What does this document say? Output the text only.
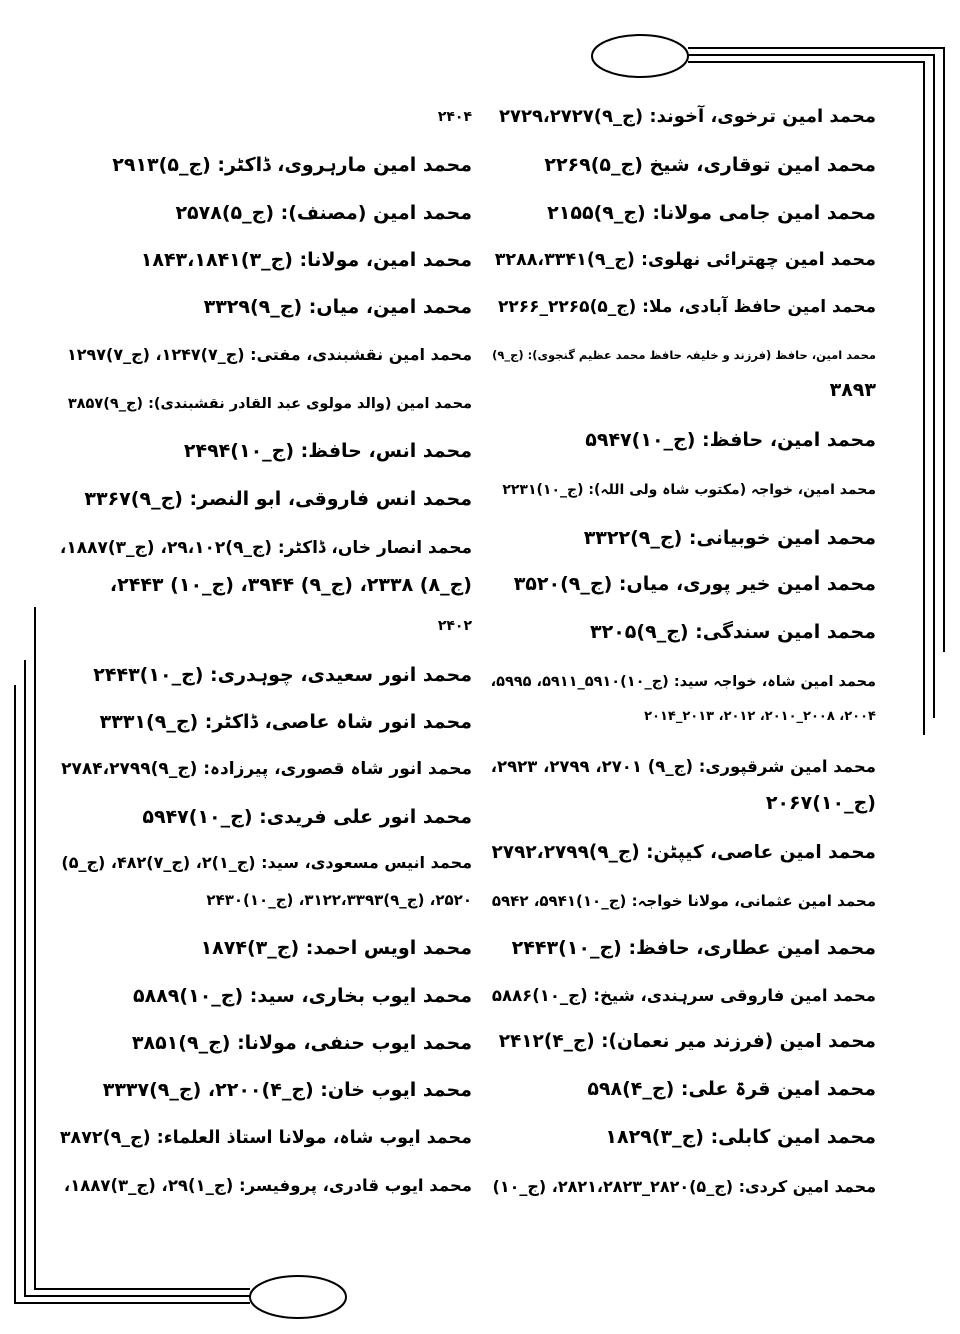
محمد امین ترخوی، آخوند: (ج_۹)۲۷۲۹،۲۷۲۷
محمد امین توقاری، شیخ (ج_۵)۲۲۶۹
محمد امین جامی مولانا: (ج_۹)۲۱۵۵
محمد امین چھترائی نھلوی: (ج_۹)۳۲۸۸،۳۳۴۱
محمد امین حافظ آبادی، ملا: (ج_۵)۲۲۶۵_۲۲۶۶
محمد امین، حافظ (فرزند و خلیفہ حافظ محمد عظیم گنجوی): (ج_۹)
۳۸۹۳
محمد امین، حافظ: (ج_۱۰)۵۹۴۷
محمد امین، خواجہ (مکتوب شاہ ولی اللہ): (ج_۱۰)۲۲۳۱
محمد امین خوبیانی: (ج_۹)۳۳۲۲
محمد امین خیر پوری، میاں: (ج_۹)۳۵۲۰
محمد امین سندگی: (ج_۹)۳۲۰۵
محمد امین شاہ، خواجہ سید: (ج_۱۰)۵۹۱۰_۵۹۱۱، ۵۹۹۵،
۲۰۰۴، ۲۰۰۸_۲۰۱۰، ۲۰۱۲، ۲۰۱۳_۲۰۱۴
محمد امین شرقپوری: (ج_۹) ۲۷۰۱، ۲۷۹۹، ۲۹۲۳،
(ج_۱۰)۲۰۶۷
محمد امین عاصی، کیپٹن: (ج_۹)۲۷۹۲،۲۷۹۹
محمد امین عثمانی، مولانا خواجہ: (ج_۱۰)۵۹۴۱، ۵۹۴۲
محمد امین عطاری، حافظ: (ج_۱۰)۲۴۴۳
محمد امین فاروقی سرہندی، شیخ: (ج_۱۰)۵۸۸۶
محمد امین (فرزند میر نعمان): (ج_۴)۲۴۱۲
محمد امین قرۃ علی: (ج_۴)۵۹۸
محمد امین کابلی: (ج_۳)۱۸۲۹
محمد امین کردی: (ج_۵)۲۸۲۰_۲۸۲۱،۲۸۲۳، (ج_۱۰)
۲۴۰۴
محمد امین مارہروی، ڈاکٹر: (ج_۵)۲۹۱۳
محمد امین (مصنف): (ج_۵)۲۵۷۸
محمد امین، مولانا: (ج_۳)۱۸۴۳،۱۸۴۱
محمد امین، میاں: (ج_۹)۳۳۲۹
محمد امین نقشبندی، مفتی: (ج_۷)۱۲۴۷، (ج_۷)۱۲۹۷
محمد امین (والد مولوی عبد القادر نقشبندی): (ج_۹)۳۸۵۷
محمد انس، حافظ: (ج_۱۰)۲۴۹۴
محمد انس فاروقی، ابو النصر: (ج_۹)۳۳۶۷
محمد انصار خاں، ڈاکٹر: (ج_۹)۲۹،۱۰۲، (ج_۳)۱۸۸۷،
(ج_۸) ۲۳۳۸، (ج_۹) ۳۹۴۴، (ج_۱۰) ۲۴۴۳،
۲۴۰۲
محمد انور سعیدی، چوہدری: (ج_۱۰)۲۴۴۳
محمد انور شاہ عاصی، ڈاکٹر: (ج_۹)۳۳۳۱
محمد انور شاہ قصوری، پیرزادہ: (ج_۹)۲۷۸۴،۲۷۹۹
محمد انور علی فریدی: (ج_۱۰)۵۹۴۷
محمد انیس مسعودی، سید: (ج_۱)۲، (ج_۷)۴۸۲، (ج_۵)
۲۵۲۰، (ج_۹)۳۱۲۲،۳۳۹۳، (ج_۱۰)۲۴۳۰
محمد اویس احمد: (ج_۳)۱۸۷۴
محمد ایوب بخاری، سید: (ج_۱۰)۵۸۸۹
محمد ایوب حنفی، مولانا: (ج_۹)۳۸۵۱
محمد ایوب خان: (ج_۴)۲۲۰۰، (ج_۹)۳۳۳۷
محمد ایوب شاہ، مولانا استاذ العلماء: (ج_۹)۳۸۷۲
محمد ایوب قادری، پروفیسر: (ج_۱)۲۹، (ج_۳)۱۸۸۷،
